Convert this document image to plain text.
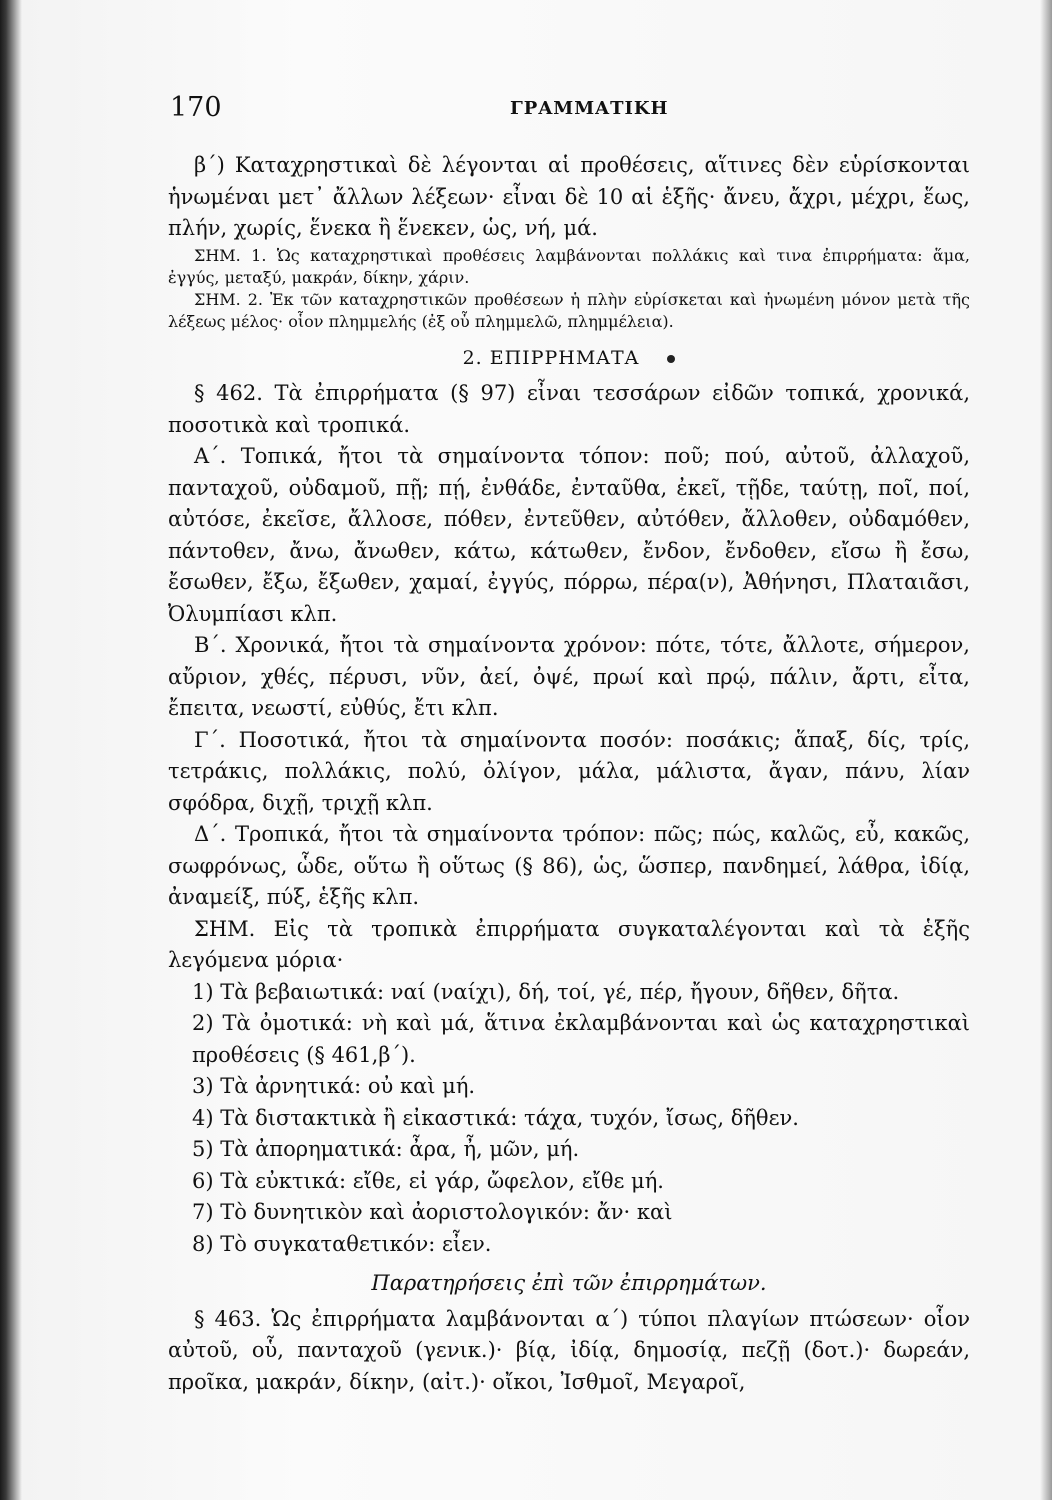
170	ΓΡΑΜΜΑΤΙΚΗ

β΄) Καταχρηστικαὶ δὲ λέγονται αἱ προθέσεις, αἵτινες δὲν εὑρίσκονται ἡνωμέναι μετ᾽ ἄλλων λέξεων· εἶναι δὲ 10 αἱ ἑξῆς· ἄνευ, ἄχρι, μέχρι, ἕως, πλήν, χωρίς, ἕνεκα ἢ ἕνεκεν, ὡς, νή, μά.

ΣΗΜ. 1. Ὡς καταχρηστικαὶ προθέσεις λαμβάνονται πολλάκις καὶ τινα ἐπιρρήματα: ἅμα, ἐγγύς, μεταξύ, μακράν, δίκην, χάριν.

ΣΗΜ. 2. Ἐκ τῶν καταχρηστικῶν προθέσεων ἡ πλὴν εὑρίσκεται καὶ ἡνωμένη μόνον μετὰ τῆς λέξεως μέλος· οἷον πλημμελής (ἐξ οὗ πλημμελῶ, πλημμέλεια).

2. ΕΠΙΡΡΗΜΑΤΑ

§ 462. Τὰ ἐπιρρήματα (§ 97) εἶναι τεσσάρων εἰδῶν τοπικά, χρονικά, ποσοτικὰ καὶ τροπικά.

Α΄. Τοπικά, ἤτοι τὰ σημαίνοντα τόπον: ποῦ; πού, αὐτοῦ, ἀλλαχοῦ, πανταχοῦ, οὐδαμοῦ, πῇ; πῄ, ἐνθάδε, ἐνταῦθα, ἐκεῖ, τῇδε, ταύτῃ, ποῖ, ποί, αὐτόσε, ἐκεῖσε, ἄλλοσε, πόθεν, ἐντεῦθεν, αὐτόθεν, ἄλλοθεν, οὐδαμόθεν, πάντοθεν, ἄνω, ἄνωθεν, κάτω, κάτωθεν, ἔνδον, ἔνδοθεν, εἴσω ἢ ἔσω, ἔσωθεν, ἔξω, ἔξωθεν, χαμαί, ἐγγύς, πόρρω, πέρα(ν), Ἀθήνησι, Πλαταιᾶσι, Ὀλυμπίασι κλπ.

Β΄. Χρονικά, ἤτοι τὰ σημαίνοντα χρόνον: πότε, τότε, ἄλλοτε, σήμερον, αὔριον, χθές, πέρυσι, νῦν, ἀεί, ὀψέ, πρωί καὶ πρῴ, πάλιν, ἄρτι, εἶτα, ἔπειτα, νεωστί, εὐθύς, ἔτι κλπ.

Γ΄. Ποσοτικά, ἤτοι τὰ σημαίνοντα ποσόν: ποσάκις; ἅπαξ, δίς, τρίς, τετράκις, πολλάκις, πολύ, ὀλίγον, μάλα, μάλιστα, ἄγαν, πάνυ, λίαν σφόδρα, διχῇ, τριχῇ κλπ.

Δ΄. Τροπικά, ἤτοι τὰ σημαίνοντα τρόπον: πῶς; πώς, καλῶς, εὖ, κακῶς, σωφρόνως, ὧδε, οὕτω ἢ οὕτως (§ 86), ὡς, ὥσπερ, πανδημεί, λάθρα, ἰδίᾳ, ἀναμείξ, πύξ, ἑξῆς κλπ.

ΣΗΜ. Εἰς τὰ τροπικὰ ἐπιρρήματα συγκαταλέγονται καὶ τὰ ἑξῆς λεγόμενα μόρια·

1) Τὰ βεβαιωτικά: ναί (ναίχι), δή, τοί, γέ, πέρ, ἤγουν, δῆθεν, δῆτα.

2) Τὰ ὀμοτικά: νὴ καὶ μά, ἅτινα ἐκλαμβάνονται καὶ ὡς καταχρηστικαὶ προθέσεις (§ 461,β΄).

3) Τὰ ἀρνητικά: οὐ καὶ μή.

4) Τὰ διστακτικὰ ἢ εἰκαστικά: τάχα, τυχόν, ἴσως, δῆθεν.

5) Τὰ ἀπορηματικά: ἆρα, ἦ, μῶν, μή.

6) Τὰ εὐκτικά: εἴθε, εἰ γάρ, ὤφελον, εἴθε μή.

7) Τὸ δυνητικὸν καὶ ἀοριστολογικόν: ἄν· καὶ

8) Τὸ συγκαταθετικόν: εἶεν.

Παρατηρήσεις ἐπὶ τῶν ἐπιρρημάτων.

§ 463. Ὡς ἐπιρρήματα λαμβάνονται α΄) τύποι πλαγίων πτώσεων· οἷον αὐτοῦ, οὗ, πανταχοῦ (γενικ.)· βίᾳ, ἰδίᾳ, δημοσίᾳ, πεζῇ (δοτ.)· δωρεάν, προῖκα, μακράν, δίκην, (αἰτ.)· οἴκοι, Ἰσθμοῖ, Μεγαροῖ,
